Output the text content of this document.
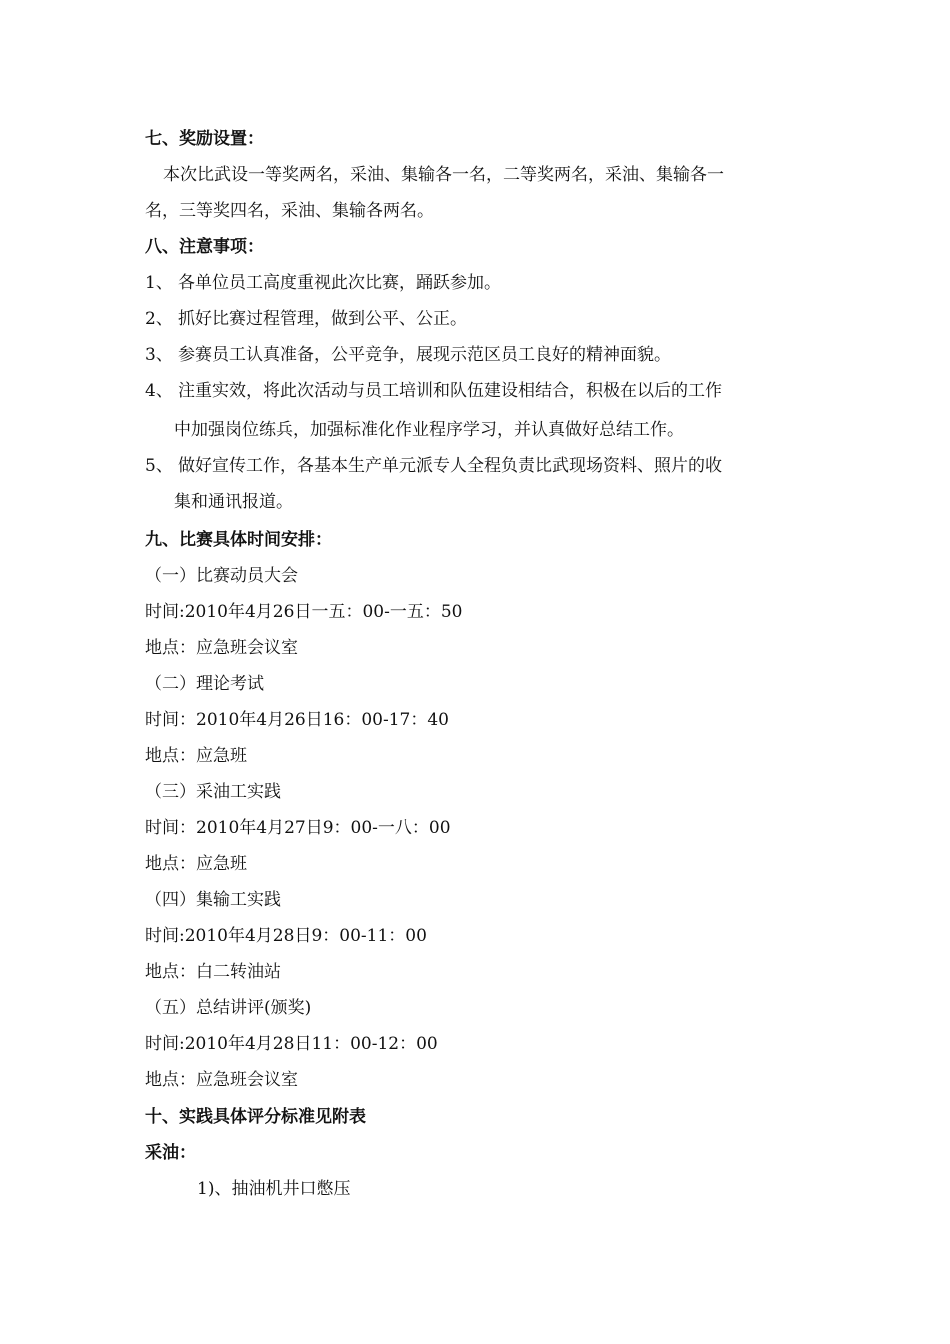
七、奖励设置：
本次比武设一等奖两名，采油、集输各一名，二等奖两名，采油、集输各一
名，三等奖四名，采油、集输各两名。
八、注意事项：
1、 各单位员工高度重视此次比赛，踊跃参加。
2、 抓好比赛过程管理，做到公平、公正。
3、 参赛员工认真准备，公平竞争，展现示范区员工良好的精神面貌。
4、 注重实效，将此次活动与员工培训和队伍建设相结合，积极在以后的工作
中加强岗位练兵，加强标准化作业程序学习，并认真做好总结工作。
5、 做好宣传工作，各基本生产单元派专人全程负责比武现场资料、照片的收
集和通讯报道。
九、比赛具体时间安排：
（一）比赛动员大会
时间:2010年4月26日一五：00-一五：50
地点：应急班会议室
（二）理论考试
时间：2010年4月26日16：00-17：40
地点：应急班
（三）采油工实践
时间：2010年4月27日9：00-一八：00
地点：应急班
（四）集输工实践
时间:2010年4月28日9：00-11：00
地点：白二转油站
（五）总结讲评(颁奖)
时间:2010年4月28日11：00-12：00
地点：应急班会议室
十、实践具体评分标准见附表
采油：
1)、抽油机井口憋压
